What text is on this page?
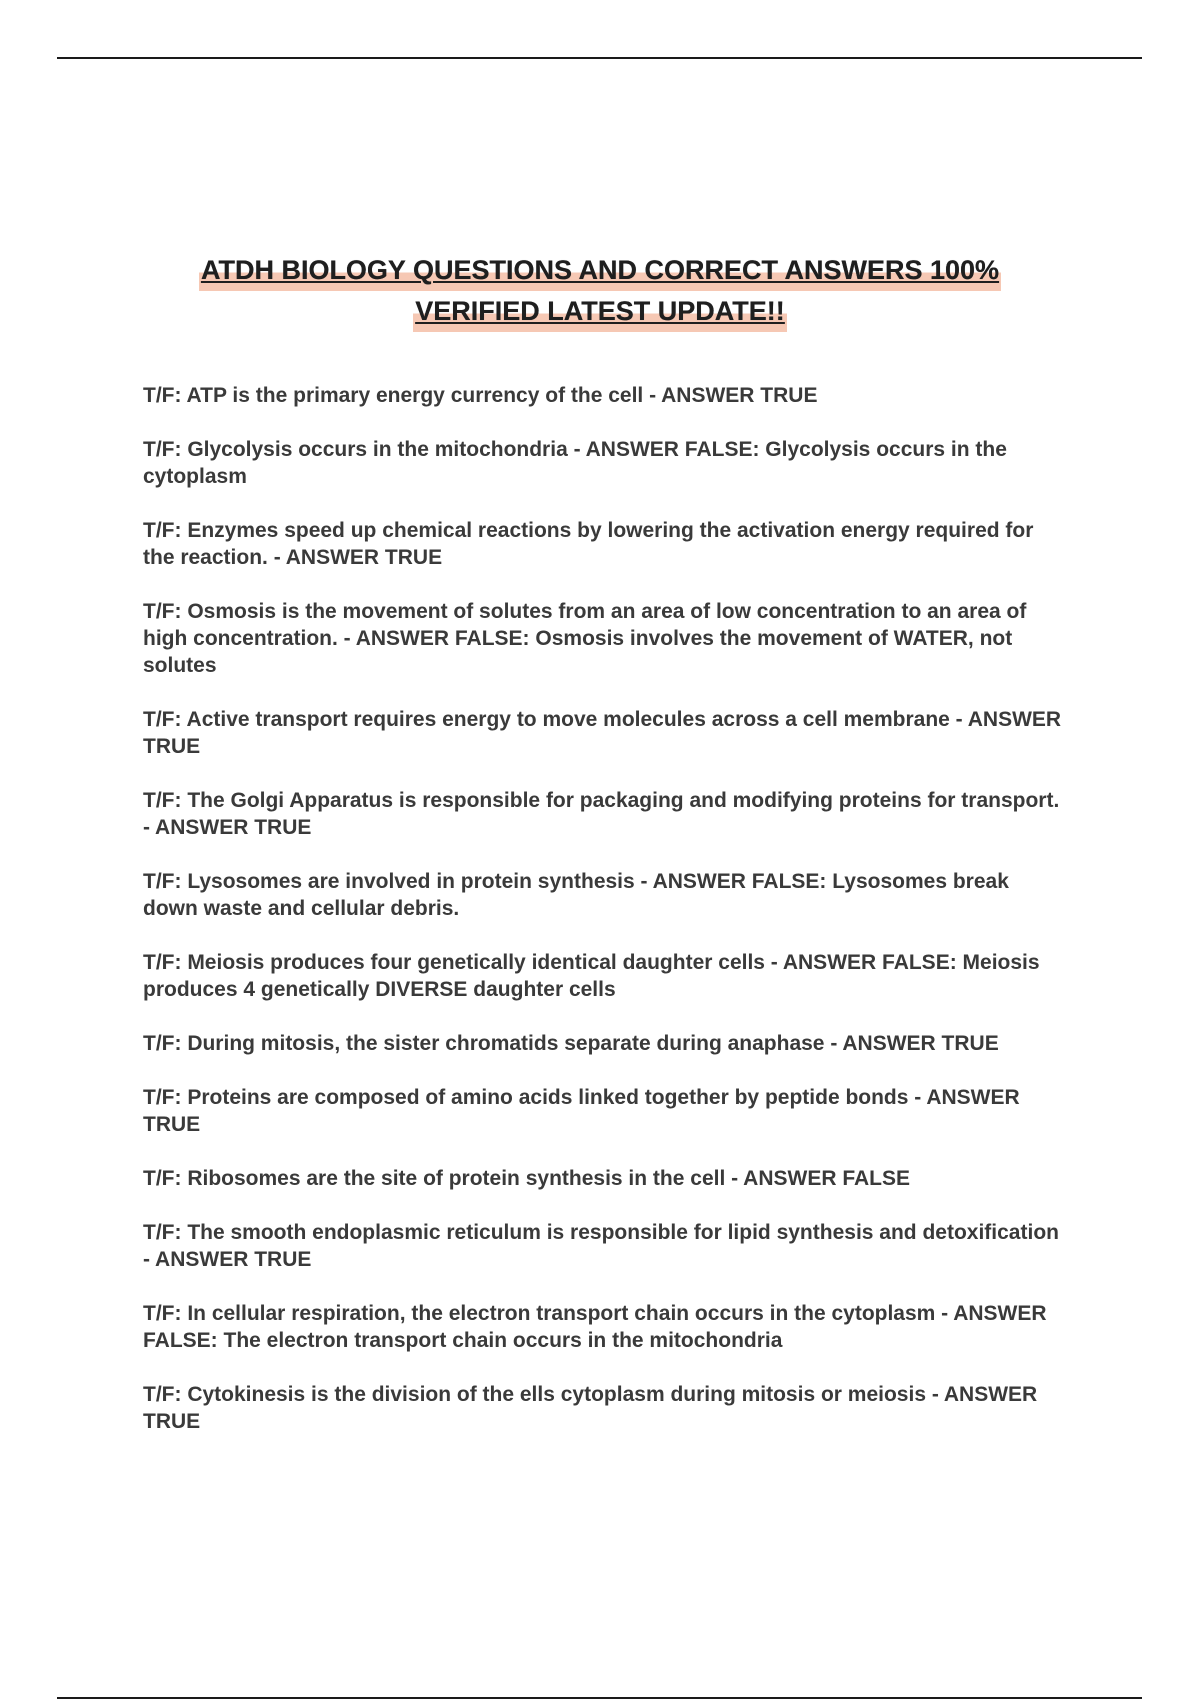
ATDH BIOLOGY QUESTIONS AND CORRECT ANSWERS 100%
VERIFIED LATEST UPDATE!!
T/F: ATP is the primary energy currency of the cell - ANSWER TRUE
T/F: Glycolysis occurs in the mitochondria - ANSWER FALSE: Glycolysis occurs in the cytoplasm
T/F: Enzymes speed up chemical reactions by lowering the activation energy required for the reaction. - ANSWER TRUE
T/F: Osmosis is the movement of solutes from an area of low concentration to an area of high concentration. - ANSWER FALSE: Osmosis involves the movement of WATER, not solutes
T/F: Active transport requires energy to move molecules across a cell membrane - ANSWER TRUE
T/F: The Golgi Apparatus is responsible for packaging and modifying proteins for transport. - ANSWER TRUE
T/F: Lysosomes are involved in protein synthesis - ANSWER FALSE: Lysosomes break down waste and cellular debris.
T/F: Meiosis produces four genetically identical daughter cells - ANSWER FALSE: Meiosis produces 4 genetically DIVERSE daughter cells
T/F: During mitosis, the sister chromatids separate during anaphase - ANSWER TRUE
T/F: Proteins are composed of amino acids linked together by peptide bonds - ANSWER TRUE
T/F: Ribosomes are the site of protein synthesis in the cell - ANSWER FALSE
T/F: The smooth endoplasmic reticulum is responsible for lipid synthesis and detoxification - ANSWER TRUE
T/F: In cellular respiration, the electron transport chain occurs in the cytoplasm - ANSWER FALSE: The electron transport chain occurs in the mitochondria
T/F: Cytokinesis is the division of the ells cytoplasm during mitosis or meiosis - ANSWER TRUE
